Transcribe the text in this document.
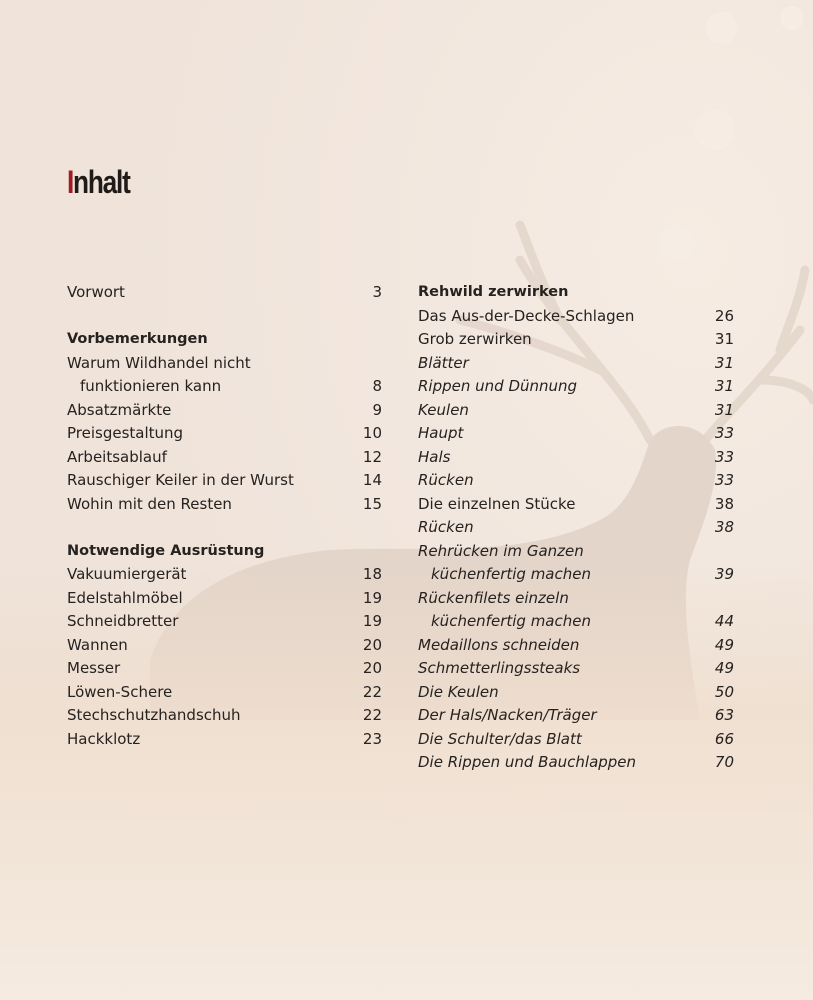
Inhalt
Vorwort	3
Vorbemerkungen
Warum Wildhandel nicht
funktionieren kann	8
Absatzmärkte	9
Preisgestaltung	10
Arbeitsablauf	12
Rauschiger Keiler in der Wurst	14
Wohin mit den Resten	15
Notwendige Ausrüstung
Vakuumiergerät	18
Edelstahlmöbel	19
Schneidbretter	19
Wannen	20
Messer	20
Löwen-Schere	22
Stechschutzhandschuh	22
Hackklotz	23
Rehwild zerwirken
Das Aus-der-Decke-Schlagen	26
Grob zerwirken	31
Blätter	31
Rippen und Dünnung	31
Keulen	31
Haupt	33
Hals	33
Rücken	33
Die einzelnen Stücke	38
Rücken	38
Rehrücken im Ganzen
küchenfertig machen	39
Rückenfilets einzeln
küchenfertig machen	44
Medaillons schneiden	49
Schmetterlingssteaks	49
Die Keulen	50
Der Hals/Nacken/Träger	63
Die Schulter/das Blatt	66
Die Rippen und Bauchlappen	70
